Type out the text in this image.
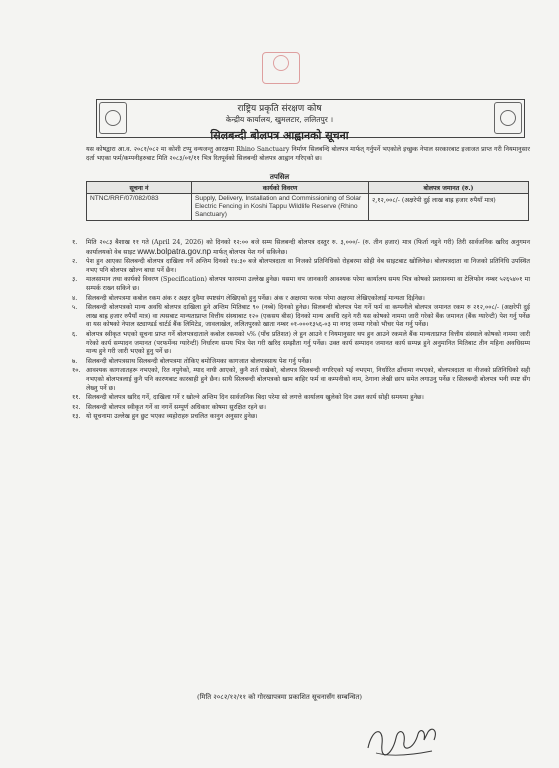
राष्ट्रिय प्रकृति संरक्षण कोष
केन्द्रीय कार्यालय, खुमलटार, ललितपुर ।
सिलबन्दी बोलपत्र आह्वानको सूचना
यस कोषद्वारा आ.व. २०८१/०८२ मा कोशी टप्पु वन्यजन्तु आरक्षमा Rhino Sanctuary निर्माण सिलबन्दि बोलपत्र मार्फत् गर्नुपर्ने भएकोले इच्छुक नेपाल सरकारबाट इजाजत प्राप्त गरी नियमानुसार दर्ता भएका फर्म/कम्पनीहरुबाट मिति २०८३/०१/११ भित्र रितपूर्वको सिलबन्दी बोलपत्र आह्वान गरिएको छ।
तपसिल
सूचना नं	कार्यको विवरण	बोलपत्र जमानत (रु.)
NTNC/RRF/07/082/083	Supply, Delivery, Installation and Commissioning of Solar Electric Fencing in Koshi Tappu Wildlife Reserve (Rhino Sanctuary)	२,१२,००८/- (अक्षरेपी दुई लाख बाह्र हजार रुपैयाँ मात्र)
१. मिति २०८३ बैशाख ११ गते (April 24, 2026) को दिनको १२:०० बजे सम्म सिलबन्दी बोलपत्र दस्तुर रु. ३,०००/- (रु. तीन हजार) मात्र (फिर्ता नहुने गरी) तिरी सार्वजनिक खरिद अनुगमन कार्यालयको वेब साइट www.bolpatra.gov.np मार्फत् बोलपत्र पेश गर्न सकिनेछ।
२. पेश हुन आएका सिलबन्दी बोलपत्र दाखिला गर्ने अन्तिम दिनको १४:३० बजे बोलपत्रदाता वा निजको प्रतिनिधिको रोहबरमा सोही वेब साइटबाट खोलिनेछ। बोलपत्रदाता वा निजको प्रतिनिधि उपस्थित नभए पनि बोलपत्र खोल्न बाधा पर्ने छैन।
३. मालसामान तथा कार्यको विवरण (Specification) बोलपत्र फारममा उल्लेख हुनेछ। यसमा थप जानकारी आवश्यक परेमा कार्यालय समय भित्र कोषको प्रशासनमा वा टेलिफोन नम्बर ५२६५४०१ मा सम्पर्क राख्न सकिने छ।
४. सिलबन्दी बोलपत्रमा कबोल रकम अंक र अक्षर दुवैमा स्पष्टसंग लेखिएको हुनु पर्नेछ। अंक र अक्षरमा फरक परेमा अक्षरमा लेखिएकोलाई मान्यता दिईनेछ।
५. सिलबन्दी बोलपत्रको मान्य अवधि बोलपत्र दाखिला हुने अन्तिम मितिबाट ९० (नब्बे) दिनको हुनेछ। सिलबन्दी बोलपत्र पेश गर्ने फर्म वा कम्पनीले बोलपत्र जमानत रकम रु २१२,००८/- (अक्षरेपी दुई लाख बाह्र हजार रुपैयाँ मात्र) वा त्यसबाट मान्यताप्राप्त वित्तीय संस्थाबाट १२० (एकसय बीस) दिनको मान्य अवधि रहने गरी यस कोषको नाममा जारी गरेको बैंक जमानत (बैंक ग्यारेन्टी) पेश गर्नु पर्नेछ वा यस कोषको नेपाल स्ट्याण्डर्ड चार्टर्ड बैंक लिमिटेड, जावलाखेल, ललितपुरको खाता नम्बर ०१-०००१३५६-०३ मा नगद जम्मा गरेको भौचर पेश गर्नु पर्नेछ।
६. बोलपत्र स्वीकृत भएको सूचना प्राप्त गर्ने बोलपत्रदाताले कबोल रकमको ५% (पाँच प्रतिशत) ले हुन आउने र नियमानुसार थप हुन आउने रकमले बैंक मान्यताप्राप्त वित्तीय संस्थाले कोषको नाममा जारी गरेको कार्य सम्पादन जमानत (परफर्मेन्स ग्यारेन्टी) निर्धारण समय भित्र पेश गरी खरिद सम्झौता गर्नु पर्नेछ। उक्त कार्य सम्पादन जमानत कार्य सम्पन्न हुने अनुमानित मितिबाट तीन महिना अवधिसम्म मान्य हुने गरी जारी भएको हुनु पर्ने छ।
७. सिलबन्दी बोलपत्रसाथ सिलबन्दी बोलपत्रमा तोकिए बमोजिमका कागजात बोलपत्रसाथ पेश गर्नु पर्नेछ।
१०. आवश्यक कागजातहरू नभएको, रित नपुगेको, म्याद नाघी आएको, कुनै शर्त राखेको, बोलपत्र सिलबन्दी नगरिएको भई नभएमा, निर्धारित ढाँचामा नभएको, बोलपत्रदाता वा नीजको प्रतिनिधिको सही नभएको बोलपत्रलाई कुनै पनि कारणबाट कारबाही हुने छैन। साथै सिलबन्दी बोलपत्रको खाम बाहिर फर्म वा कम्पनीको नाम, ठेगाना लेखी छाप समेत लगाउनु पर्नेछ र सिलबन्दी बोलपत्र भनी स्पष्ट सँग लेख्नु पर्ने छ।
११. सिलबन्दी बोलपत्र खरिद गर्ने, दाखिला गर्ने र खोल्ने अन्तिम दिन सार्वजनिक बिदा परेमा सो लगत्ते कार्यालय खुलेको दिन उक्त कार्य सोही समयमा हुनेछ।
१२. सिलबन्दी बोलपत्र स्वीकृत गर्ने वा नगर्ने सम्पूर्ण अधिकार कोषमा सुरक्षित रहने छ।
१३. यो सूचनामा उल्लेख हुन छुट भएका व्यहोराहरु प्रचलित कानुन अनुसार हुनेछ।
(मिति २०८२/१२/११ को गोरखापत्रमा प्रकाशित सूचनासँग सम्बन्धित)
